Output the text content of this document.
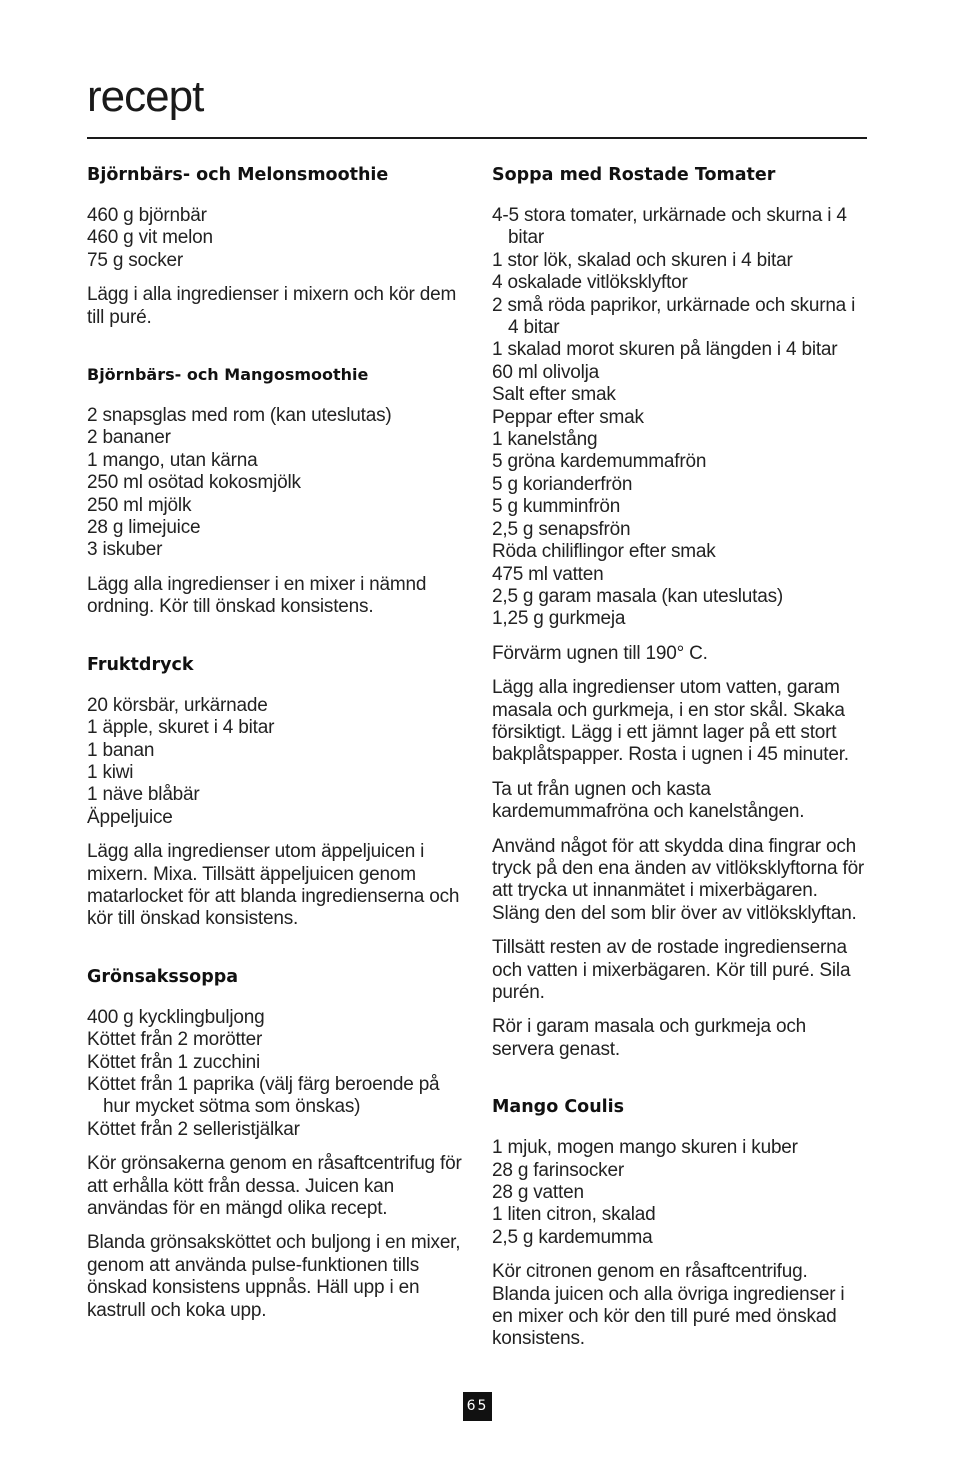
recept
Björnbärs- och Melonsmoothie
460 g björnbär
460 g vit melon
75 g socker

Lägg i alla ingredienser i mixern och kör dem till puré.

Björnbärs- och Mangosmoothie
2 snapsglas med rom (kan uteslutas)
2 bananer
1 mango, utan kärna
250 ml osötad kokosmjölk
250 ml mjölk
28 g limejuice
3 iskuber

Lägg alla ingredienser i en mixer i nämnd ordning. Kör till önskad konsistens.

Fruktdryck
20 körsbär, urkärnade
1 äpple, skuret i 4 bitar
1 banan
1 kiwi
1 näve blåbär
Äppeljuice

Lägg alla ingredienser utom äppeljuicen i mixern. Mixa. Tillsätt äppeljuicen genom matarlocket för att blanda ingredienserna och kör till önskad konsistens.

Grönsakssoppa
400 g kycklingbuljong
Köttet från 2 morötter
Köttet från 1 zucchini
Köttet från 1 paprika (välj färg beroende på hur mycket sötma som önskas)
Köttet från 2 selleristjälkar

Kör grönsakerna genom en råsaftcentrifug för att erhålla kött från dessa. Juicen kan användas för en mängd olika recept.

Blanda grönsaksköttet och buljong i en mixer, genom att använda pulse-funktionen tills önskad konsistens uppnås. Häll upp i en kastrull och koka upp.

Soppa med Rostade Tomater
4-5 stora tomater, urkärnade och skurna i 4 bitar
1 stor lök, skalad och skuren i 4 bitar
4 oskalade vitlöksklyftor
2 små röda paprikor, urkärnade och skurna i 4 bitar
1 skalad morot skuren på längden i 4 bitar
60 ml olivolja
Salt efter smak
Peppar efter smak
1 kanelstång
5 gröna kardemummafrön
5 g korianderfrön
5 g kumminfrön
2,5 g senapsfrön
Röda chiliflingor efter smak
475 ml vatten
2,5 g garam masala (kan uteslutas)
1,25 g gurkmeja

Förvärm ugnen till 190° C.

Lägg alla ingredienser utom vatten, garam masala och gurkmeja, i en stor skål. Skaka försiktigt. Lägg i ett jämnt lager på ett stort bakplåtspapper. Rosta i ugnen i 45 minuter.

Ta ut från ugnen och kasta kardemummafröna och kanelstången.

Använd något för att skydda dina fingrar och tryck på den ena änden av vitlöksklyftorna för att trycka ut innanmätet i mixerbägaren. Släng den del som blir över av vitlöksklyftan.

Tillsätt resten av de rostade ingredienserna och vatten i mixerbägaren. Kör till puré. Sila purén.

Rör i garam masala och gurkmeja och servera genast.

Mango Coulis
1 mjuk, mogen mango skuren i kuber
28 g farinsocker
28 g vatten
1 liten citron, skalad
2,5 g kardemumma

Kör citronen genom en råsaftcentrifug. Blanda juicen och alla övriga ingredienser i en mixer och kör den till puré med önskad konsistens.

65
